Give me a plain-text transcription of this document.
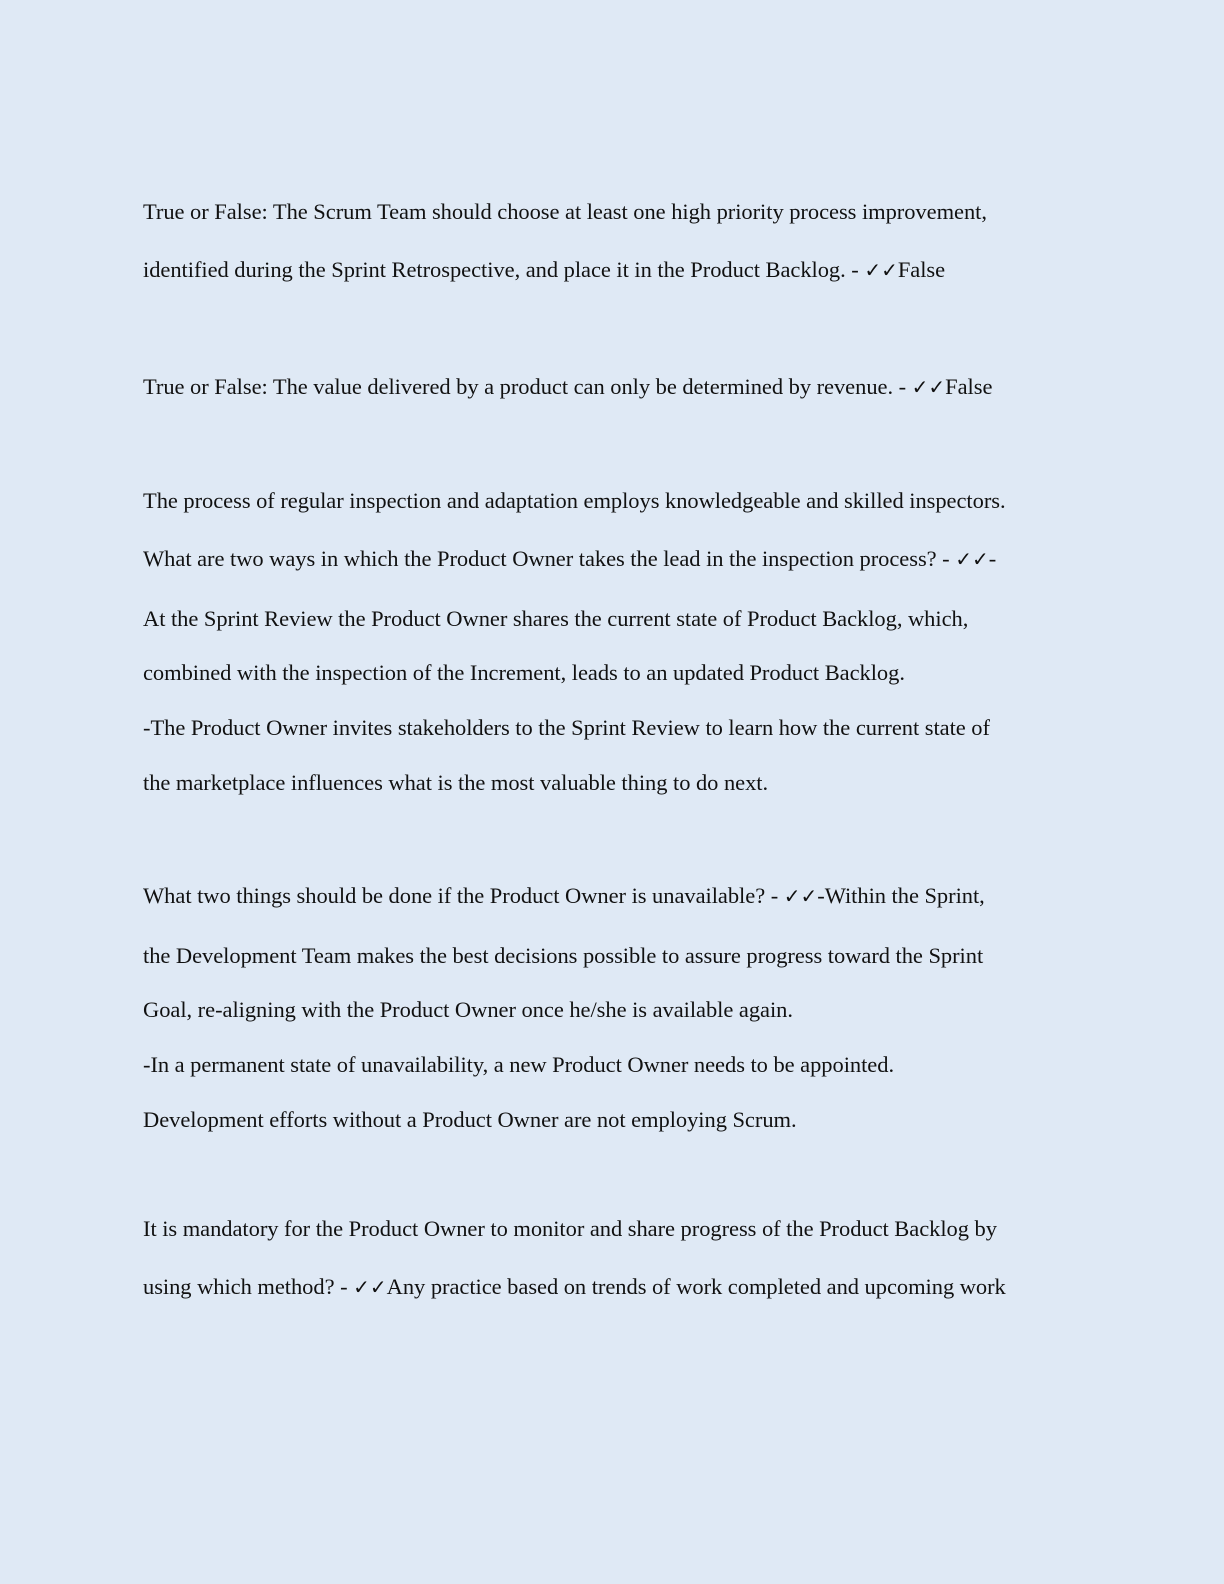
True or False: The Scrum Team should choose at least one high priority process improvement,
identified during the Sprint Retrospective, and place it in the Product Backlog. - ✓✓False
True or False: The value delivered by a product can only be determined by revenue. - ✓✓False
The process of regular inspection and adaptation employs knowledgeable and skilled inspectors.
What are two ways in which the Product Owner takes the lead in the inspection process? - ✓✓-
At the Sprint Review the Product Owner shares the current state of Product Backlog, which,
combined with the inspection of the Increment, leads to an updated Product Backlog.
-The Product Owner invites stakeholders to the Sprint Review to learn how the current state of
the marketplace influences what is the most valuable thing to do next.
What two things should be done if the Product Owner is unavailable? - ✓✓-Within the Sprint,
the Development Team makes the best decisions possible to assure progress toward the Sprint
Goal, re-aligning with the Product Owner once he/she is available again.
-In a permanent state of unavailability, a new Product Owner needs to be appointed.
Development efforts without a Product Owner are not employing Scrum.
It is mandatory for the Product Owner to monitor and share progress of the Product Backlog by
using which method? - ✓✓Any practice based on trends of work completed and upcoming work
